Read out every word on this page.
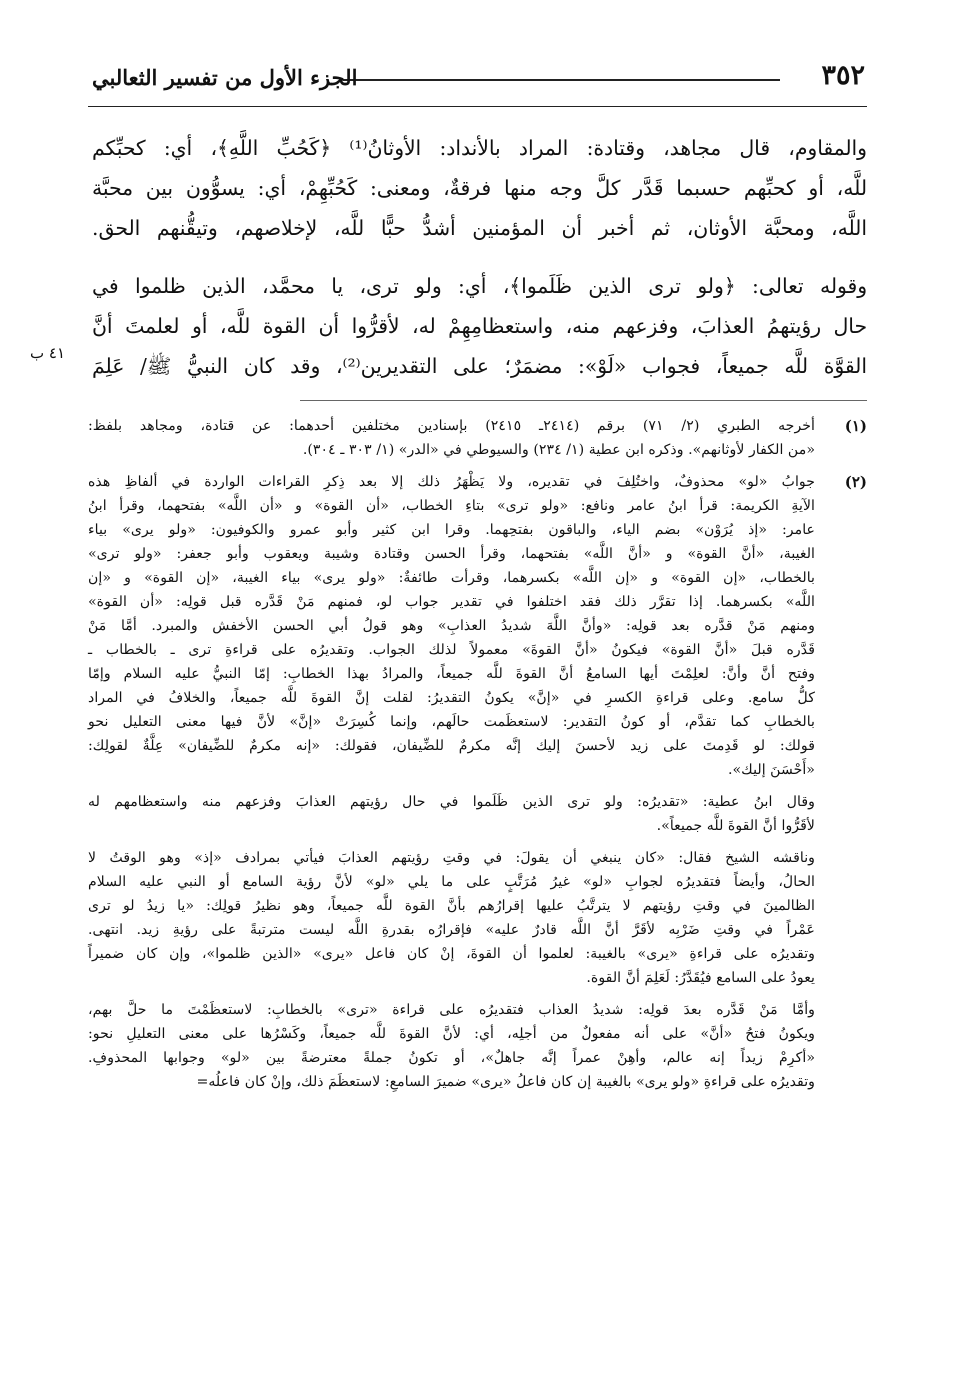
٣٥٢
الجزء الأول من تفسير الثعالبي
والمقاوم، قال مجاهد، وقتادة: المراد بالأنداد: الأوثانُ⁽¹⁾ ﴿كَحُبِّ اللَّهِ﴾، أي: كحبِّكم
للَّه، أو كحبِّهم حسبما قَدَّر كلَّ وجه منها فرقةٌ، ومعنى: كَحُبِّهِمْ، أي: يسوُّون بين محبَّة
اللَّه، ومحبَّة الأوثان، ثم أخبر أن المؤمنين أشدُّ حبًّا للَّه، لإخلاصهم، وتيقُّنهم الحق.
وقوله تعالى: ﴿ولو ترى الذين ظَلَموا﴾، أي: ولو ترى، يا محمَّد، الذين ظلموا في
حال رؤيتهمُ العذابَ، وفزعهم منه، واستعظامِهِمْ له، لأقرُّوا أن القوة للَّه، أو لعلمتَ أنَّ
القوَّة للَّه جميعاً، فجواب «لَوْ»: مضمَرٌ؛ على التقديرين⁽²⁾، وقد كان النبيُّ ﷺ/ عَلِمَ
٤١ ب
(١)

أخرجه الطبري (٢/ ٧١) برقم (٢٤١٤ـ ٢٤١٥) بإسنادين مختلفين أحدهما: عن قتادة، ومجاهد بلفظ:

«من الكفار لأوثانهم». وذكره ابن عطية (١/ ٢٣٤) والسيوطي في «الدر» (١/ ٣٠٣ ـ ٣٠٤).

(٢)

جوابُ «لو» محذوفٌ، واختُلِفَ في تقديره، ولا يَظْهَرُ ذلك إلا بعد ذِكرِ القراءات الواردة في ألفاظِ هذه

الآيةِ الكريمة: قرأ ابنُ عامر ونافع: «ولو ترى» بتاءِ الخطاب، «أن القوة» و «أن اللَّه» بفتحهما، وقرأ ابنُ

عامر: «إذ يُرَوْن» بضم الياء، والباقون بفتحِهما. وقرا ابن كثير وأبو عمرو والكوفيون: «ولو يرى» بياء

الغيبة، «أنَّ القوة» و «أنَّ اللَّه» بفتحهما، وقرأ الحسن وقتادة وشيبة ويعقوب وأبو جعفر: «ولو ترى»

بالخطاب، «إن القوة» و «إن اللَّه» بكسرهما، وقرأت طائفةٌ: «ولو يرى» بياء الغيبة، «إن القوة» و «إن

اللَّه» بكسرهما. إذا تقرَّر ذلك فقد اختلفوا في تقدير جواب لو، فمنهم مَنْ قَدَّره قبل قولِه: «أن القوة»

ومنهم مَنْ قدَّره بعد قولِه: «وأنَّ اللَّهَ شديدُ العذابِ» وهو قولُ أبي الحسن الأخفش والمبرد. أمَّا مَنْ

قَدَّره قبلَ «أنَّ القوة» فيكونُ «أنَّ القوةَ» معمولاً لذلك الجواب. وتقديرُه على قراءةِ ترى ـ بالخطاب ـ

وفتح أنَّ وأنَّ: لعلِمْتَ أيها السامعُ أنَّ القوةَ للَّه جميعاً، والمرادُ بهذا الخطابِ: إمّا النبيُّ عليه السلام وإمّا

كلُّ سامع. وعلى قراءةِ الكسرِ في «إنَّ» يكونُ التقديرُ: لقلت إنَّ القوةَ للَّه جميعاً، والخلافُ في المراد

بالخطابِ كما تقدَّم، أو كونُ التقدير: لاستعظَمت حالَهم، وإنما كُسِرَتْ «إنَّ» لأنَّ فيها معنى التعليل نحو

قولك: لو قَدِمتَ على زيد لأحسنَ إليك إنَّه مكرمٌ للضِّيفان، فقولك: «إنه مكرمٌ للضِّيفان» عِلَّةٌ لقولِك:

«أَحْسَنَ إليك».

وقال ابنُ عطية: «تقديرُه: ولو ترى الذين ظَلَموا في حال رؤيتهم العذابَ وفزعهم منه واستعظامهم له

لأقَرُّوا أنَّ القوةَ للَّه جميعاً».

وناقشه الشيخ فقال: «كان ينبغي أن يقولَ: في وقتِ رؤيتهم العذابَ فيأتي بمرادف «إذ» وهو الوقتُ لا

الحالُ، وأيضاً فتقديرُه لجوابِ «لو» غيرُ مُرَتَّبٍ على ما يلي «لو» لأنَّ رؤية السامع أو النبي عليه السلام

الظالمينَ في وقتِ رؤيتهم لا يترتَّبُ عليها إقرارُهم بأنَّ القوة للَّه جميعاً، وهو نظيرُ قولِك: «يا زيدُ لو ترى

عَمْراً في وقتِ ضَرْبِه لأقَرَّ أنَّ اللَّه قادرٌ عليه» فإقرارُه بقدرةِ اللَّه ليست مترتبةً على رؤيةِ زيد. انتهى.

وتقديرُه على قراءةِ «يرى» بالغيبة: لعلموا أن القوةَ، إنْ كان فاعل «يرى» «الذين ظلموا»، وإن كان ضميراً

يعودُ على السامع فيُقَدَّرُ: لَعَلِمَ أنَّ القوة.

وأمَّا مَنْ قَدَّره بعدَ قولِه: شديدُ العذاب فتقديرُه على قراءة «ترى» بالخطابِ: لاستعظَمْتَ ما حلَّ بهم،

ويكونُ فتحُ «أنَّ» على أنه مفعولٌ من أجلِه، أي: لأنَّ القوةَ للَّه جميعاً، وكَسْرُها على معنى التعليلِ نحو:

«أكرِمْ زيداً إنه عالم، وأهِنْ عمراً إنَّه جاهلٌ»، أو تكونُ جملةً معترضةً بين «لو» وجوابها المحذوفِ.

وتقديرُه على قراءةِ «ولو يرى» بالغيبة إن كان فاعلُ «يرى» ضميرَ السامعِ: لاستعظَمَ ذلك، وإنْ كان فاعلُه=
